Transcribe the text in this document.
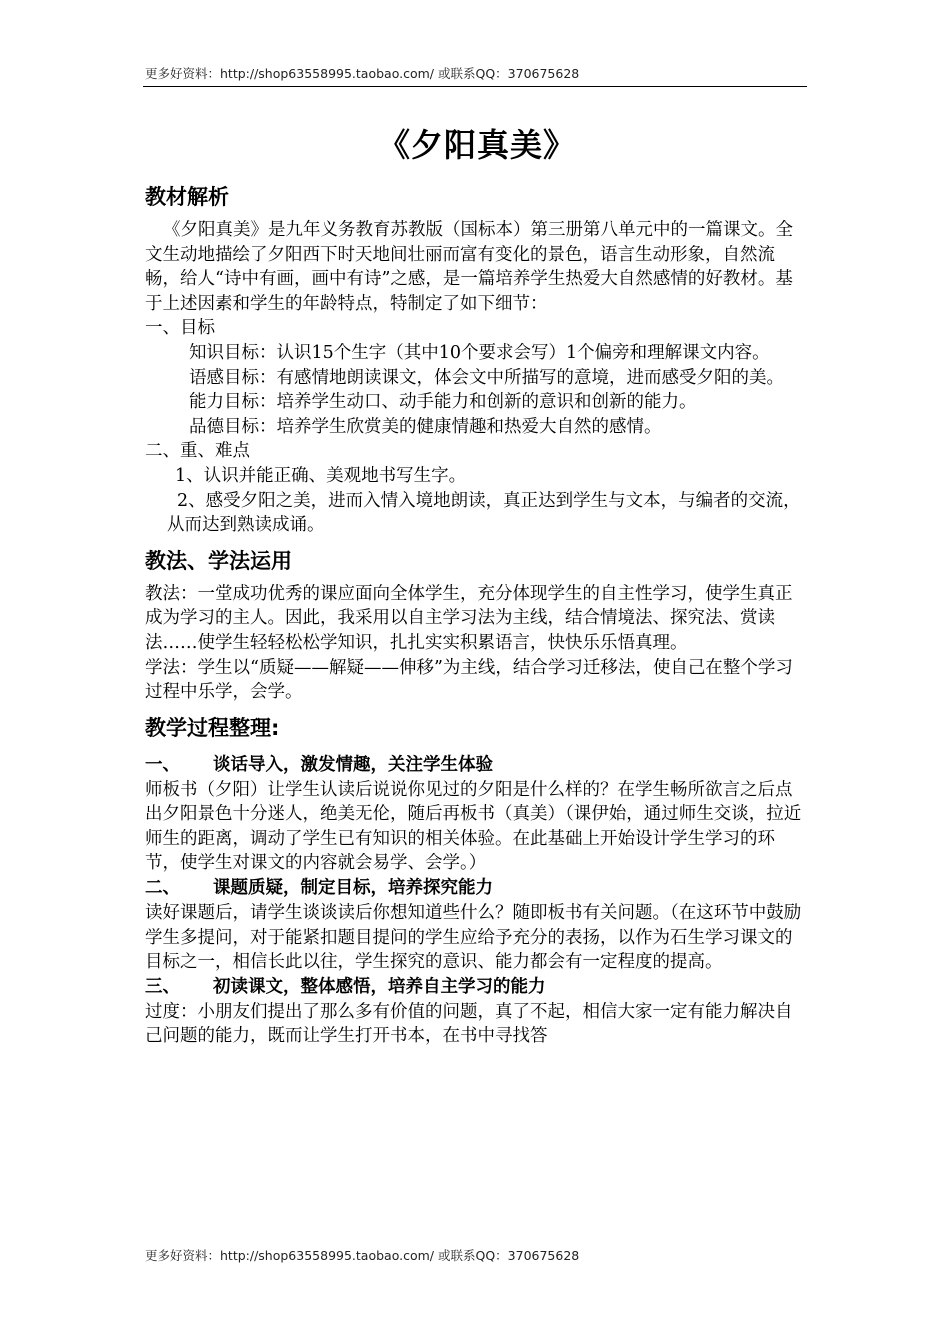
更多好资料：http://shop63558995.taobao.com/ 或联系QQ：370675628
《夕阳真美》
教材解析

《夕阳真美》是九年义务教育苏教版（国标本）第三册第八单元中的一篇课文。全文生动地描绘了夕阳西下时天地间壮丽而富有变化的景色，语言生动形象，自然流畅，给人“诗中有画，画中有诗”之感，是一篇培养学生热爱大自然感情的好教材。基于上述因素和学生的年龄特点，特制定了如下细节：

一、目标

知识目标：认识15个生字（其中10个要求会写）1个偏旁和理解课文内容。

语感目标：有感情地朗读课文，体会文中所描写的意境，进而感受夕阳的美。

能力目标：培养学生动口、动手能力和创新的意识和创新的能力。

品德目标：培养学生欣赏美的健康情趣和热爱大自然的感情。

二、重、难点

1、认识并能正确、美观地书写生字。

2、感受夕阳之美，进而入情入境地朗读，真正达到学生与文本，与编者的交流，从而达到熟读成诵。

教法、学法运用

教法：一堂成功优秀的课应面向全体学生，充分体现学生的自主性学习，使学生真正成为学习的主人。因此，我采用以自主学习法为主线，结合情境法、探究法、赏读法……使学生轻轻松松学知识，扎扎实实积累语言，快快乐乐悟真理。

学法：学生以“质疑——解疑——伸移”为主线，结合学习迁移法，使自己在整个学习过程中乐学，会学。

教学过程整理:
一、 谈话导入，激发情趣，关注学生体验

师板书（夕阳）让学生认读后说说你见过的夕阳是什么样的？在学生畅所欲言之后点出夕阳景色十分迷人，绝美无伦，随后再板书（真美）（课伊始，通过师生交谈，拉近师生的距离，调动了学生已有知识的相关体验。在此基础上开始设计学生学习的环节，使学生对课文的内容就会易学、会学。）

二、 课题质疑，制定目标，培养探究能力

读好课题后，请学生谈谈读后你想知道些什么？随即板书有关问题。（在这环节中鼓励学生多提问，对于能紧扣题目提问的学生应给予充分的表扬，以作为石生学习课文的目标之一，相信长此以往，学生探究的意识、能力都会有一定程度的提高。

三、 初读课文，整体感悟，培养自主学习的能力

过度：小朋友们提出了那么多有价值的问题，真了不起，相信大家一定有能力解决自己问题的能力，既而让学生打开书本，在书中寻找答

更多好资料：http://shop63558995.taobao.com/ 或联系QQ：370675628
